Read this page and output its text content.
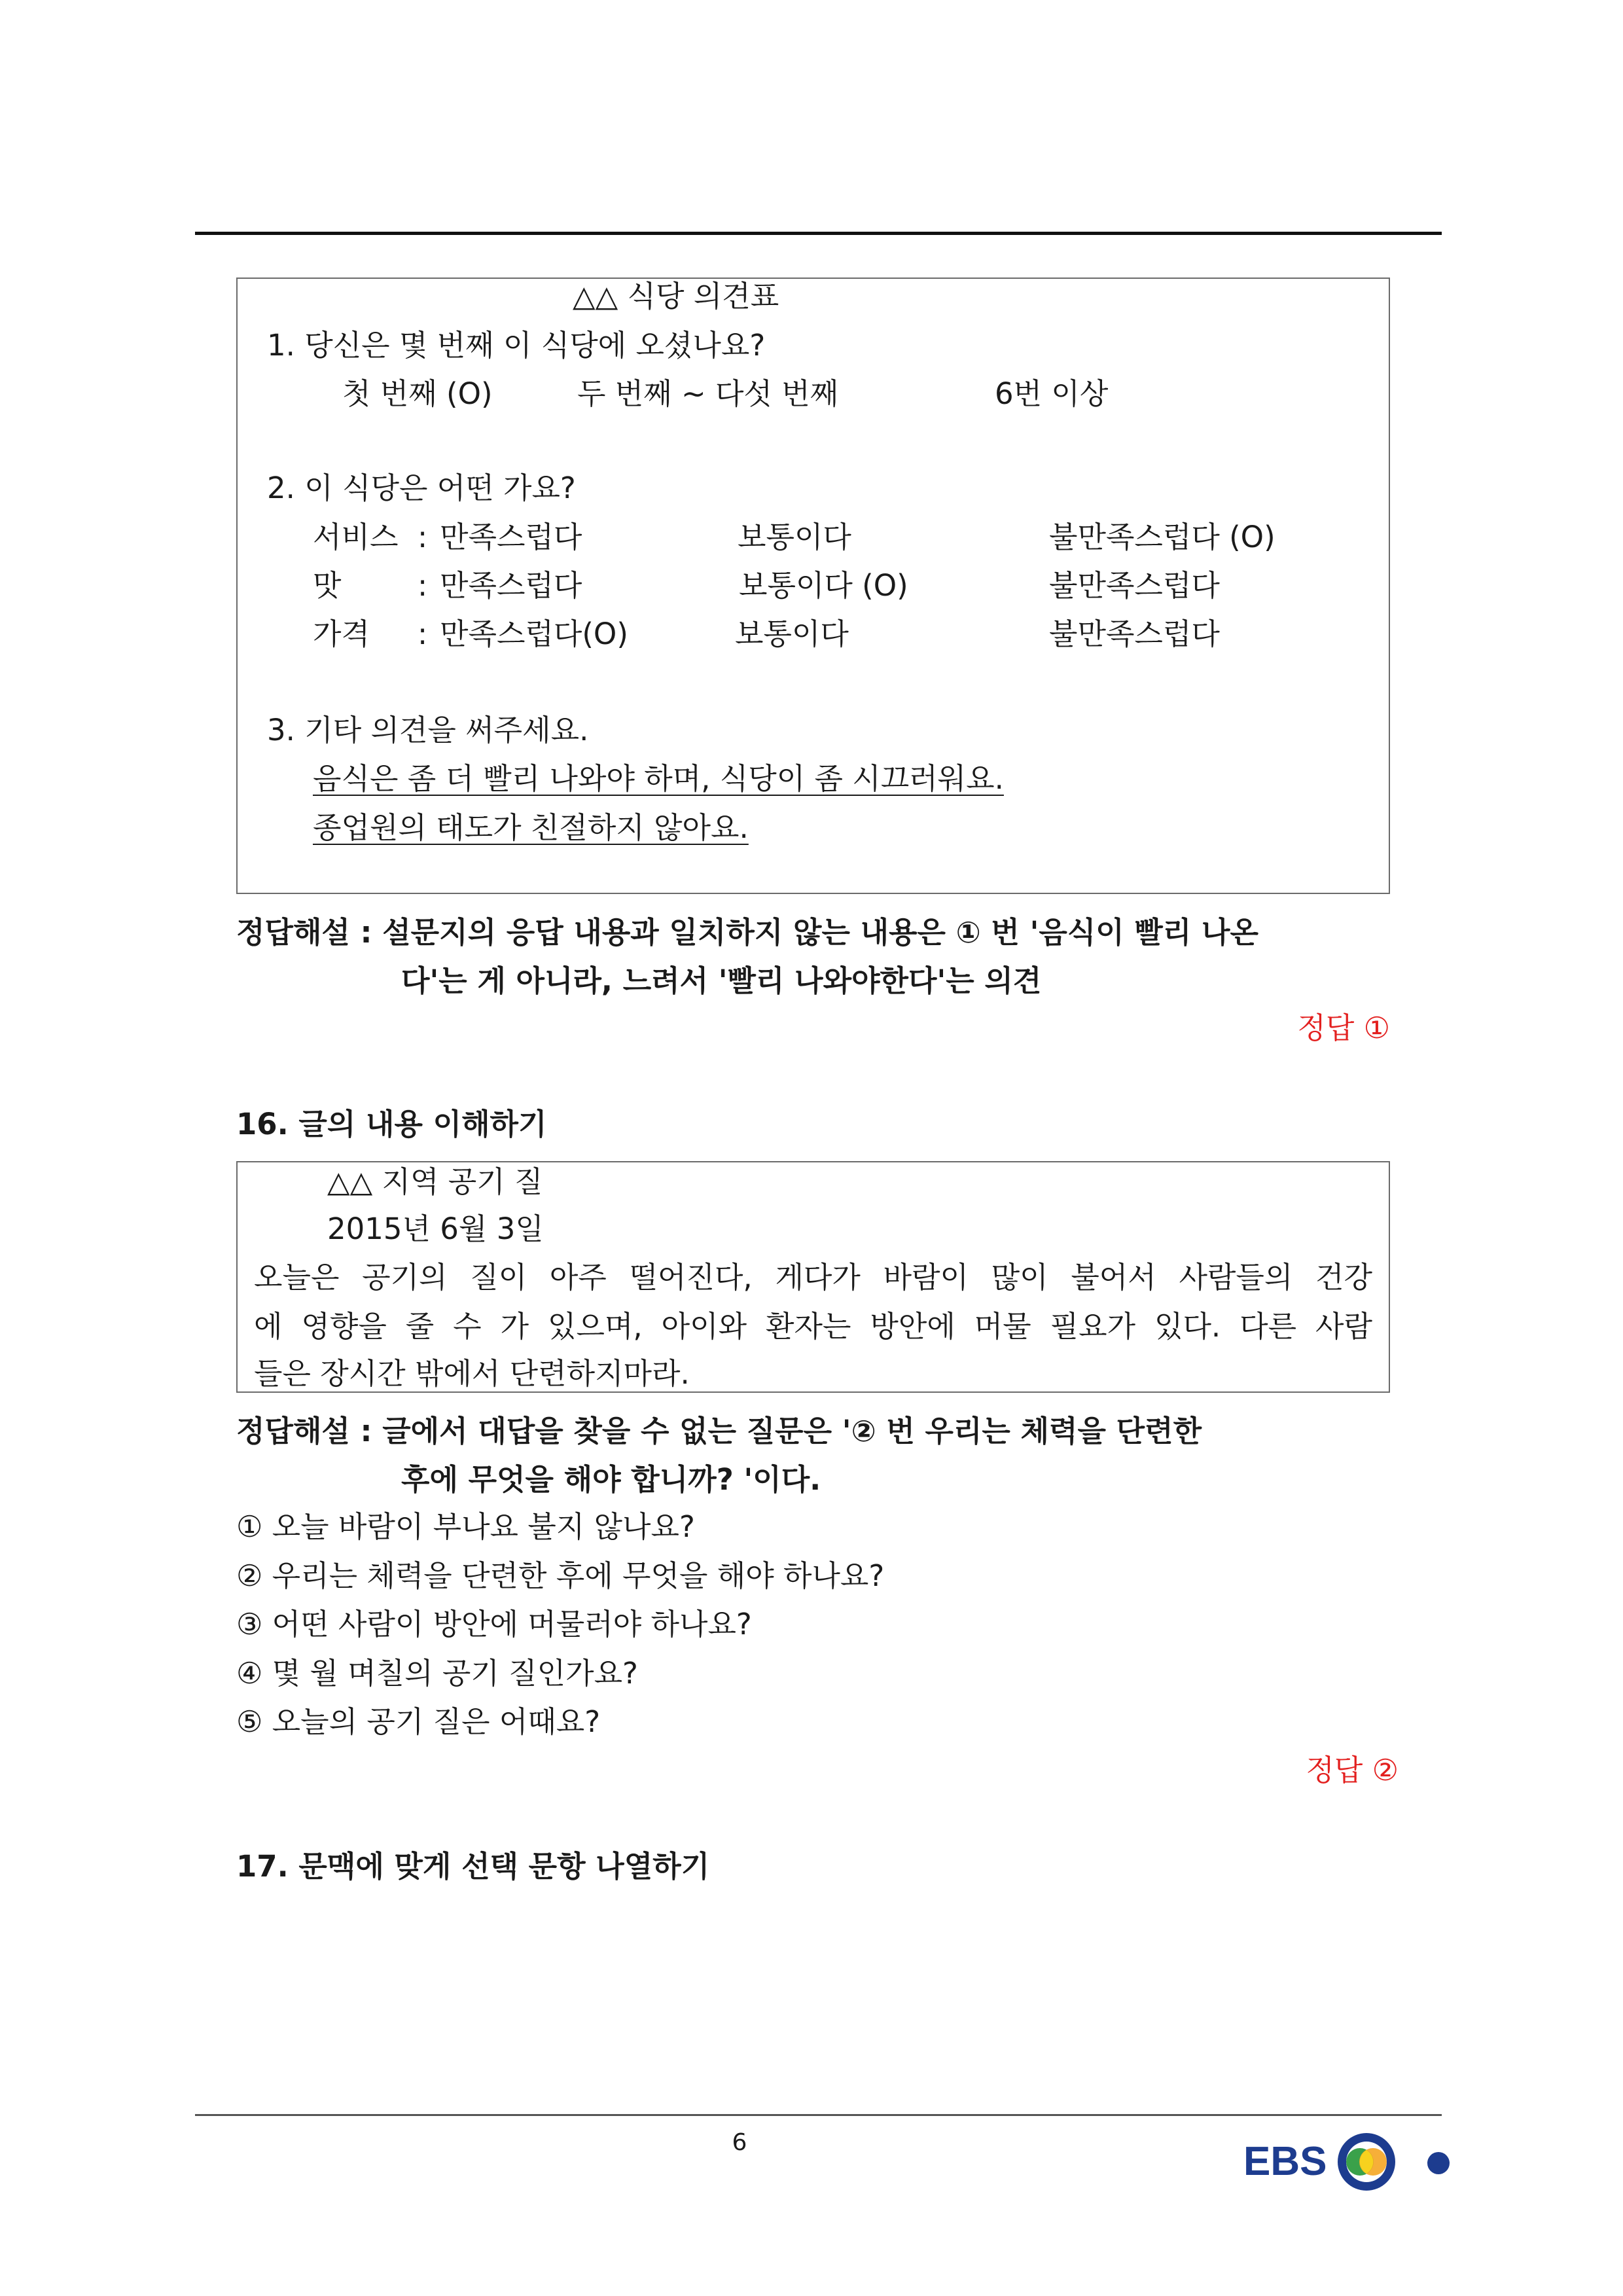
△△ 식당 의견표
1. 당신은 몇 번째 이 식당에 오셨나요?
첫 번째 (O)	두 번째 ~ 다섯 번째	6번 이상
2. 이 식당은 어떤 가요?
서비스 : 만족스럽다	보통이다	불만족스럽다 (O)
맛	: 만족스럽다	보통이다 (O)	불만족스럽다
가격 : 만족스럽다(O)	보통이다	불만족스럽다
3. 기타 의견을 써주세요.
음식은 좀 더 빨리 나와야 하며, 식당이 좀 시끄러워요.
종업원의 태도가 친절하지 않아요.
정답해설 : 설문지의 응답 내용과 일치하지 않는 내용은 ① 번 '음식이 빨리 나온
다'는 게 아니라, 느려서 '빨리 나와야한다'는 의견
정답 ①
16. 글의 내용 이해하기
△△ 지역 공기 질
2015년 6월 3일
오늘은 공기의 질이 아주 떨어진다, 게다가 바람이 많이 불어서 사람들의 건강
에 영향을 줄 수 가 있으며, 아이와 환자는 방안에 머물 필요가 있다. 다른 사람
들은 장시간 밖에서 단련하지마라.
정답해설 : 글에서 대답을 찾을 수 없는 질문은 '② 번 우리는 체력을 단련한
후에 무엇을 해야 합니까? '이다.
① 오늘 바람이 부나요 불지 않나요?
② 우리는 체력을 단련한 후에 무엇을 해야 하나요?
③ 어떤 사람이 방안에 머물러야 하나요?
④ 몇 월 며칠의 공기 질인가요?
⑤ 오늘의 공기 질은 어때요?
정답 ②
17. 문맥에 맞게 선택 문항 나열하기
6	EBS
